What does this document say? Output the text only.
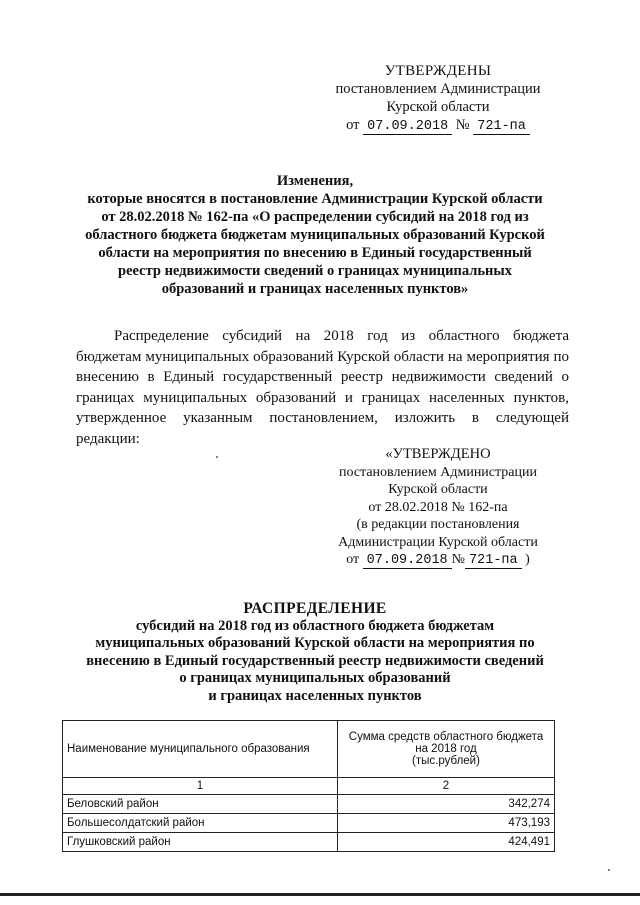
УТВЕРЖДЕНЫ
постановлением Администрации
Курской области
от 07.09.2018 № 721-па
Изменения,
которые вносятся в постановление Администрации Курской области
от 28.02.2018 № 162-па «О распределении субсидий на 2018 год из
областного бюджета бюджетам муниципальных образований Курской
области на мероприятия по внесению в Единый государственный
реестр недвижимости сведений о границах муниципальных
образований и границах населенных пунктов»
Распределение субсидий на 2018 год из областного бюджета бюджетам муниципальных образований Курской области на мероприятия по внесению в Единый государственный реестр недвижимости сведений о границах муниципальных образований и границах населенных пунктов, утвержденное указанным постановлением, изложить в следующей редакции:
«УТВЕРЖДЕНО
постановлением Администрации
Курской области
от 28.02.2018 № 162-па
(в редакции постановления
Администрации Курской области
от 07.09.2018 № 721-па )
РАСПРЕДЕЛЕНИЕ
субсидий на 2018 год из областного бюджета бюджетам
муниципальных образований Курской области на мероприятия по
внесению в Единый государственный реестр недвижимости сведений
о границах муниципальных образований
и границах населенных пунктов
Наименование муниципального образования	Сумма средств областного бюджета
на 2018 год
(тыс.рублей)

1	2
Беловский район	342,274
Большесолдатский район	473,193
Глушковский район	424,491
